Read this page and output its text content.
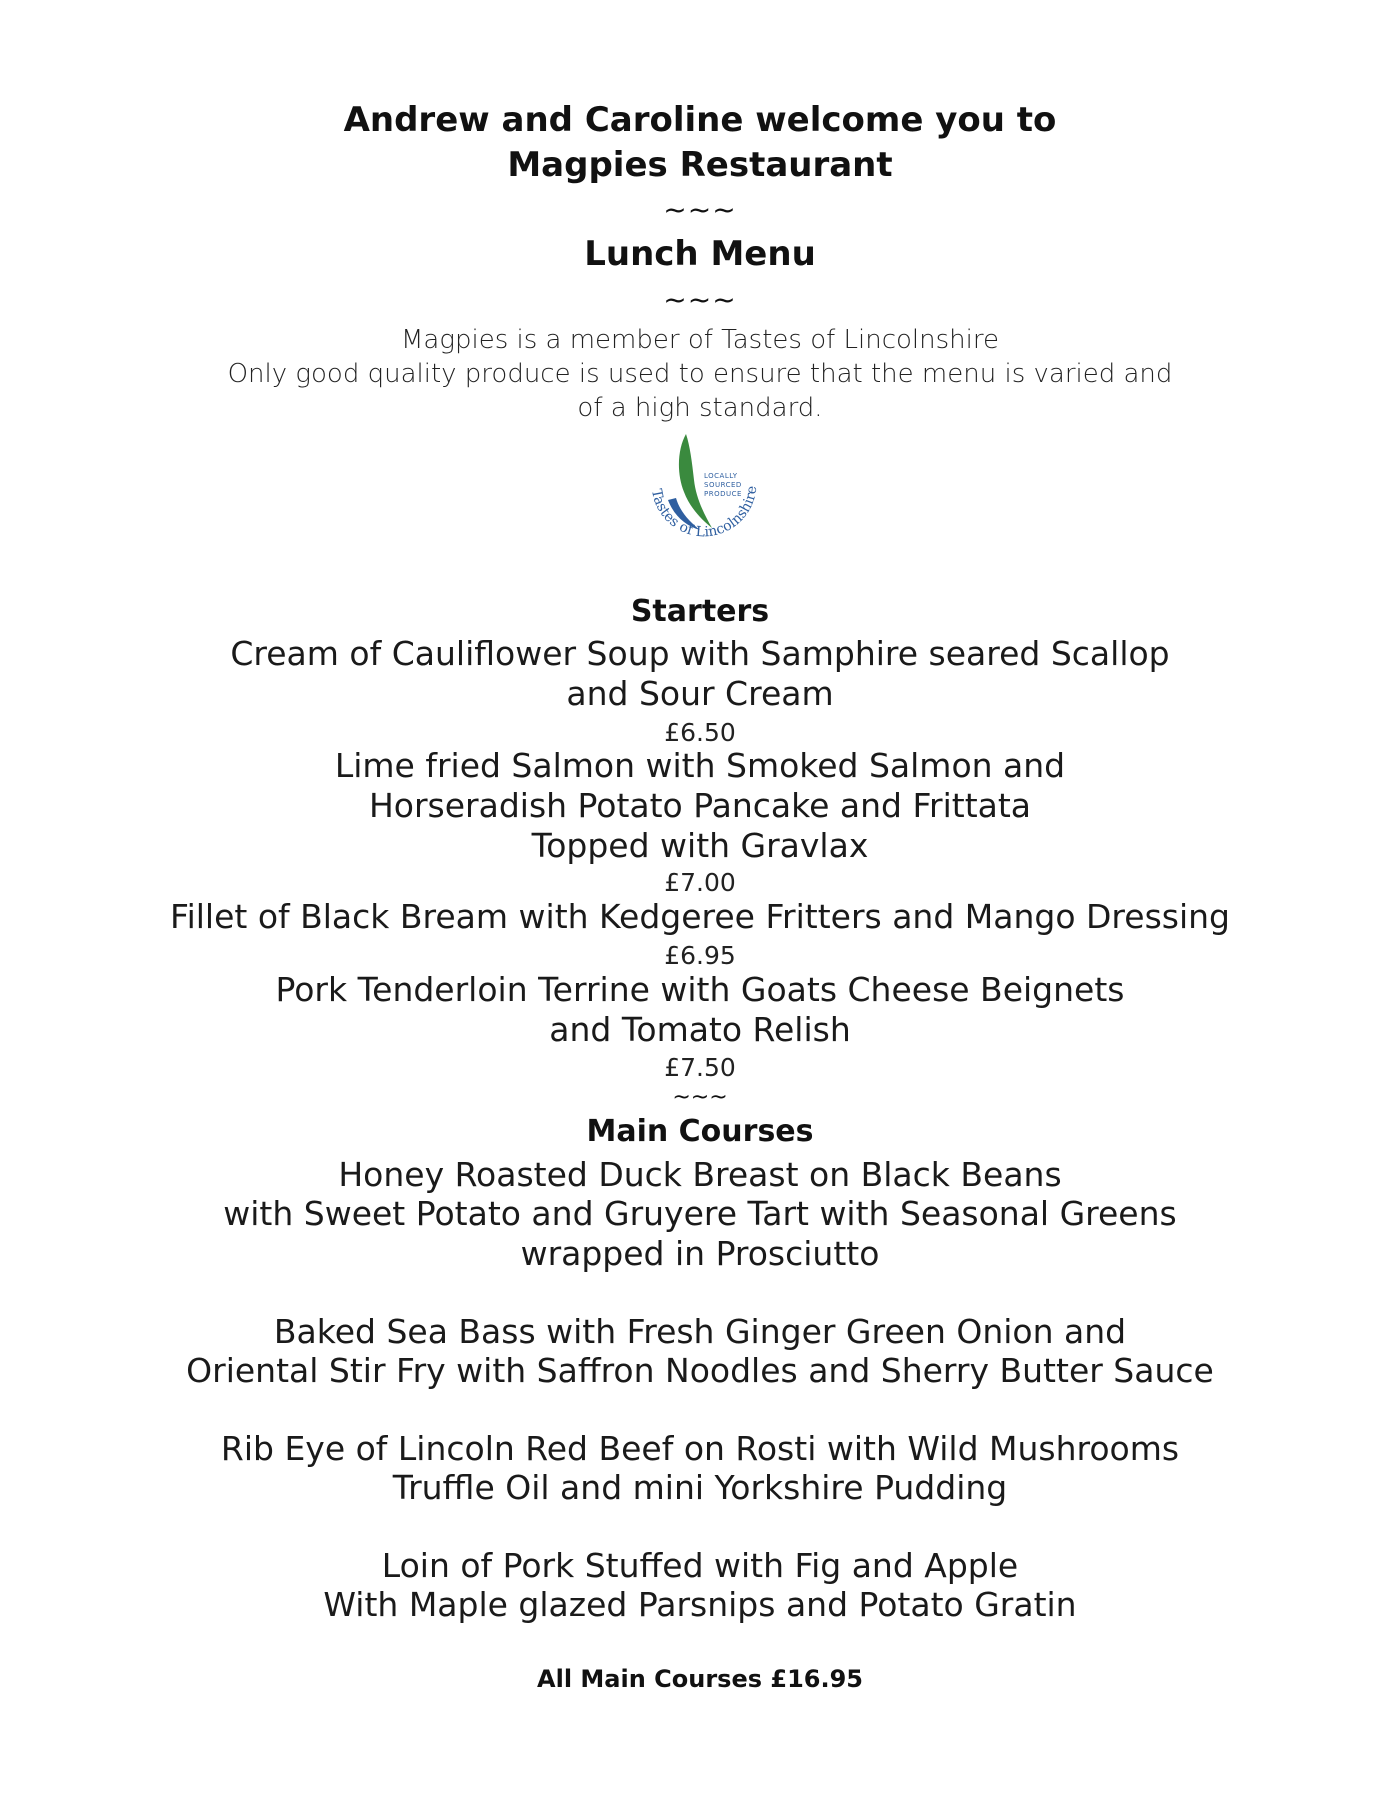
Andrew and Caroline welcome you to
Magpies Restaurant
~~~
Lunch Menu
~~~
Magpies is a member of Tastes of Lincolnshire
Only good quality produce is used to ensure that the menu is varied and
of a high standard.
LOCALLY
SOURCED
PRODUCE
Tastes of Lincolnshire
Starters
Cream of Cauliflower Soup with Samphire seared Scallop
and Sour Cream
£6.50
Lime fried Salmon with Smoked Salmon and
Horseradish Potato Pancake and Frittata
Topped with Gravlax
£7.00
Fillet of Black Bream with Kedgeree Fritters and Mango Dressing
£6.95
Pork Tenderloin Terrine with Goats Cheese Beignets
and Tomato Relish
£7.50
~~~
Main Courses
Honey Roasted Duck Breast on Black Beans
with Sweet Potato and Gruyere Tart with Seasonal Greens
wrapped in Prosciutto
Baked Sea Bass with Fresh Ginger Green Onion and
Oriental Stir Fry with Saffron Noodles and Sherry Butter Sauce
Rib Eye of Lincoln Red Beef on Rosti with Wild Mushrooms
Truffle Oil and mini Yorkshire Pudding
Loin of Pork Stuffed with Fig and Apple
With Maple glazed Parsnips and Potato Gratin
All Main Courses £16.95
